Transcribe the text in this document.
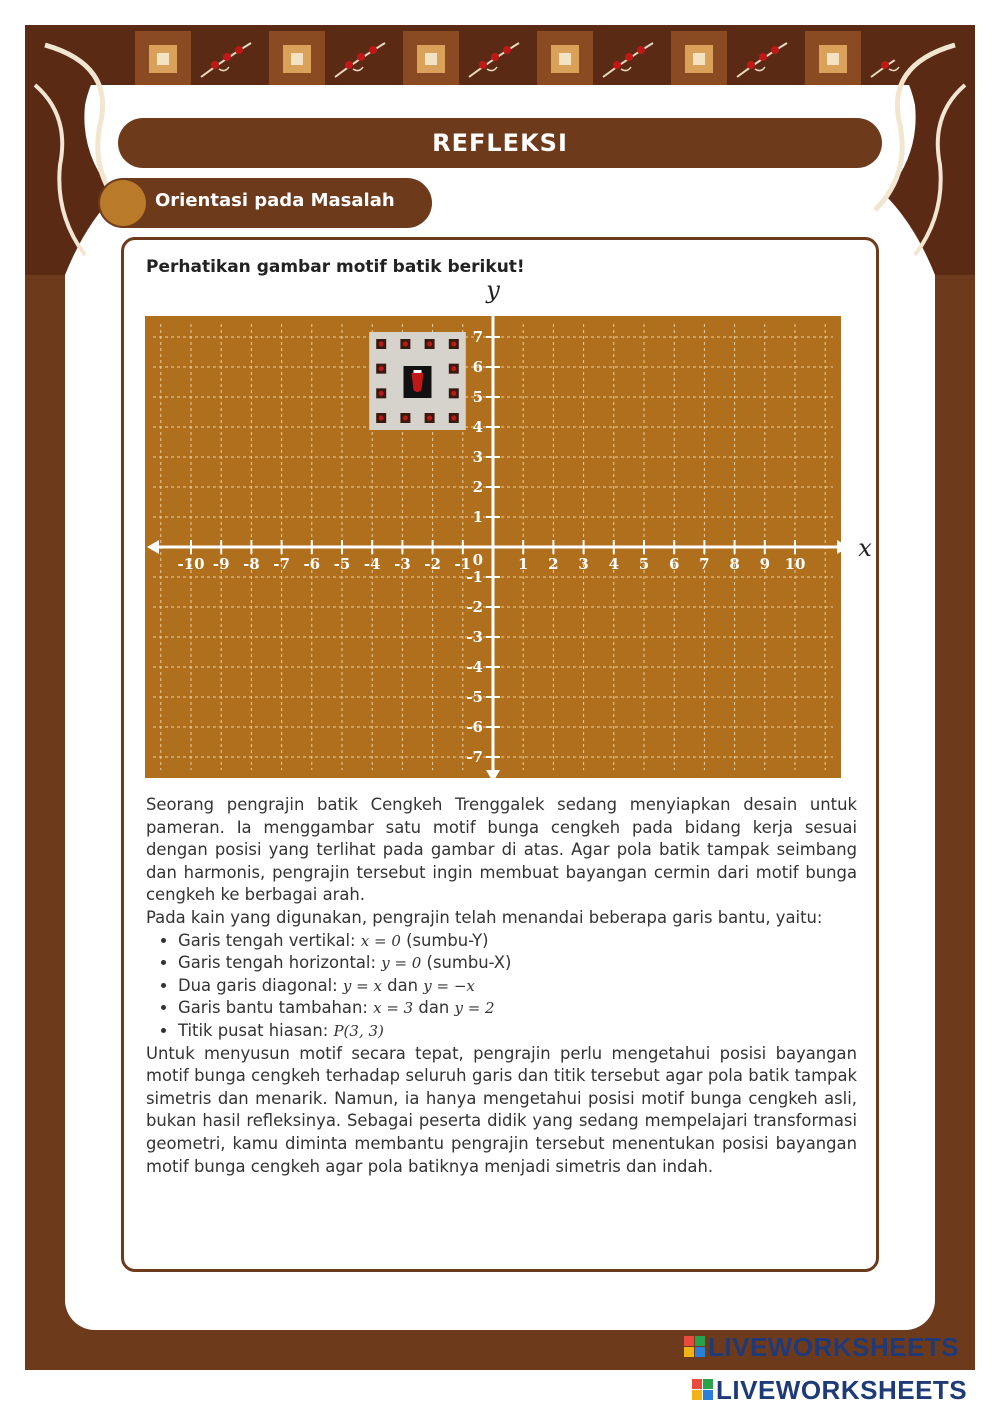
REFLEKSI
Orientasi pada Masalah
Perhatikan gambar motif batik berikut!
-10 -9 -8 -7 -6 -5 -4 -3 -2 -1	1 2 3 4 5 6 7 8 9 10
7
6
5
4
3
2
1
-1
-2
-3
-4
-5
-6
-7
0	x
y

Seorang pengrajin batik Cengkeh Trenggalek sedang menyiapkan desain untuk pameran. Ia menggambar satu motif bunga cengkeh pada bidang kerja sesuai dengan posisi yang terlihat pada gambar di atas. Agar pola batik tampak seimbang dan harmonis, pengrajin tersebut ingin membuat bayangan cermin dari motif bunga cengkeh ke berbagai arah.

Pada kain yang digunakan, pengrajin telah menandai beberapa garis bantu, yaitu:

• Garis tengah vertikal: x = 0 (sumbu-Y)
• Garis tengah horizontal: y = 0 (sumbu-X)
• Dua garis diagonal: y = x dan y = −x
• Garis bantu tambahan: x = 3 dan y = 2
• Titik pusat hiasan: P(3, 3)

Untuk menyusun motif secara tepat, pengrajin perlu mengetahui posisi bayangan motif bunga cengkeh terhadap seluruh garis dan titik tersebut agar pola batik tampak simetris dan menarik. Namun, ia hanya mengetahui posisi motif bunga cengkeh asli, bukan hasil refleksinya. Sebagai peserta didik yang sedang mempelajari transformasi geometri, kamu diminta membantu pengrajin tersebut menentukan posisi bayangan motif bunga cengkeh agar pola batiknya menjadi simetris dan indah.

LIVEWORKSHEETS
LIVEWORKSHEETS
